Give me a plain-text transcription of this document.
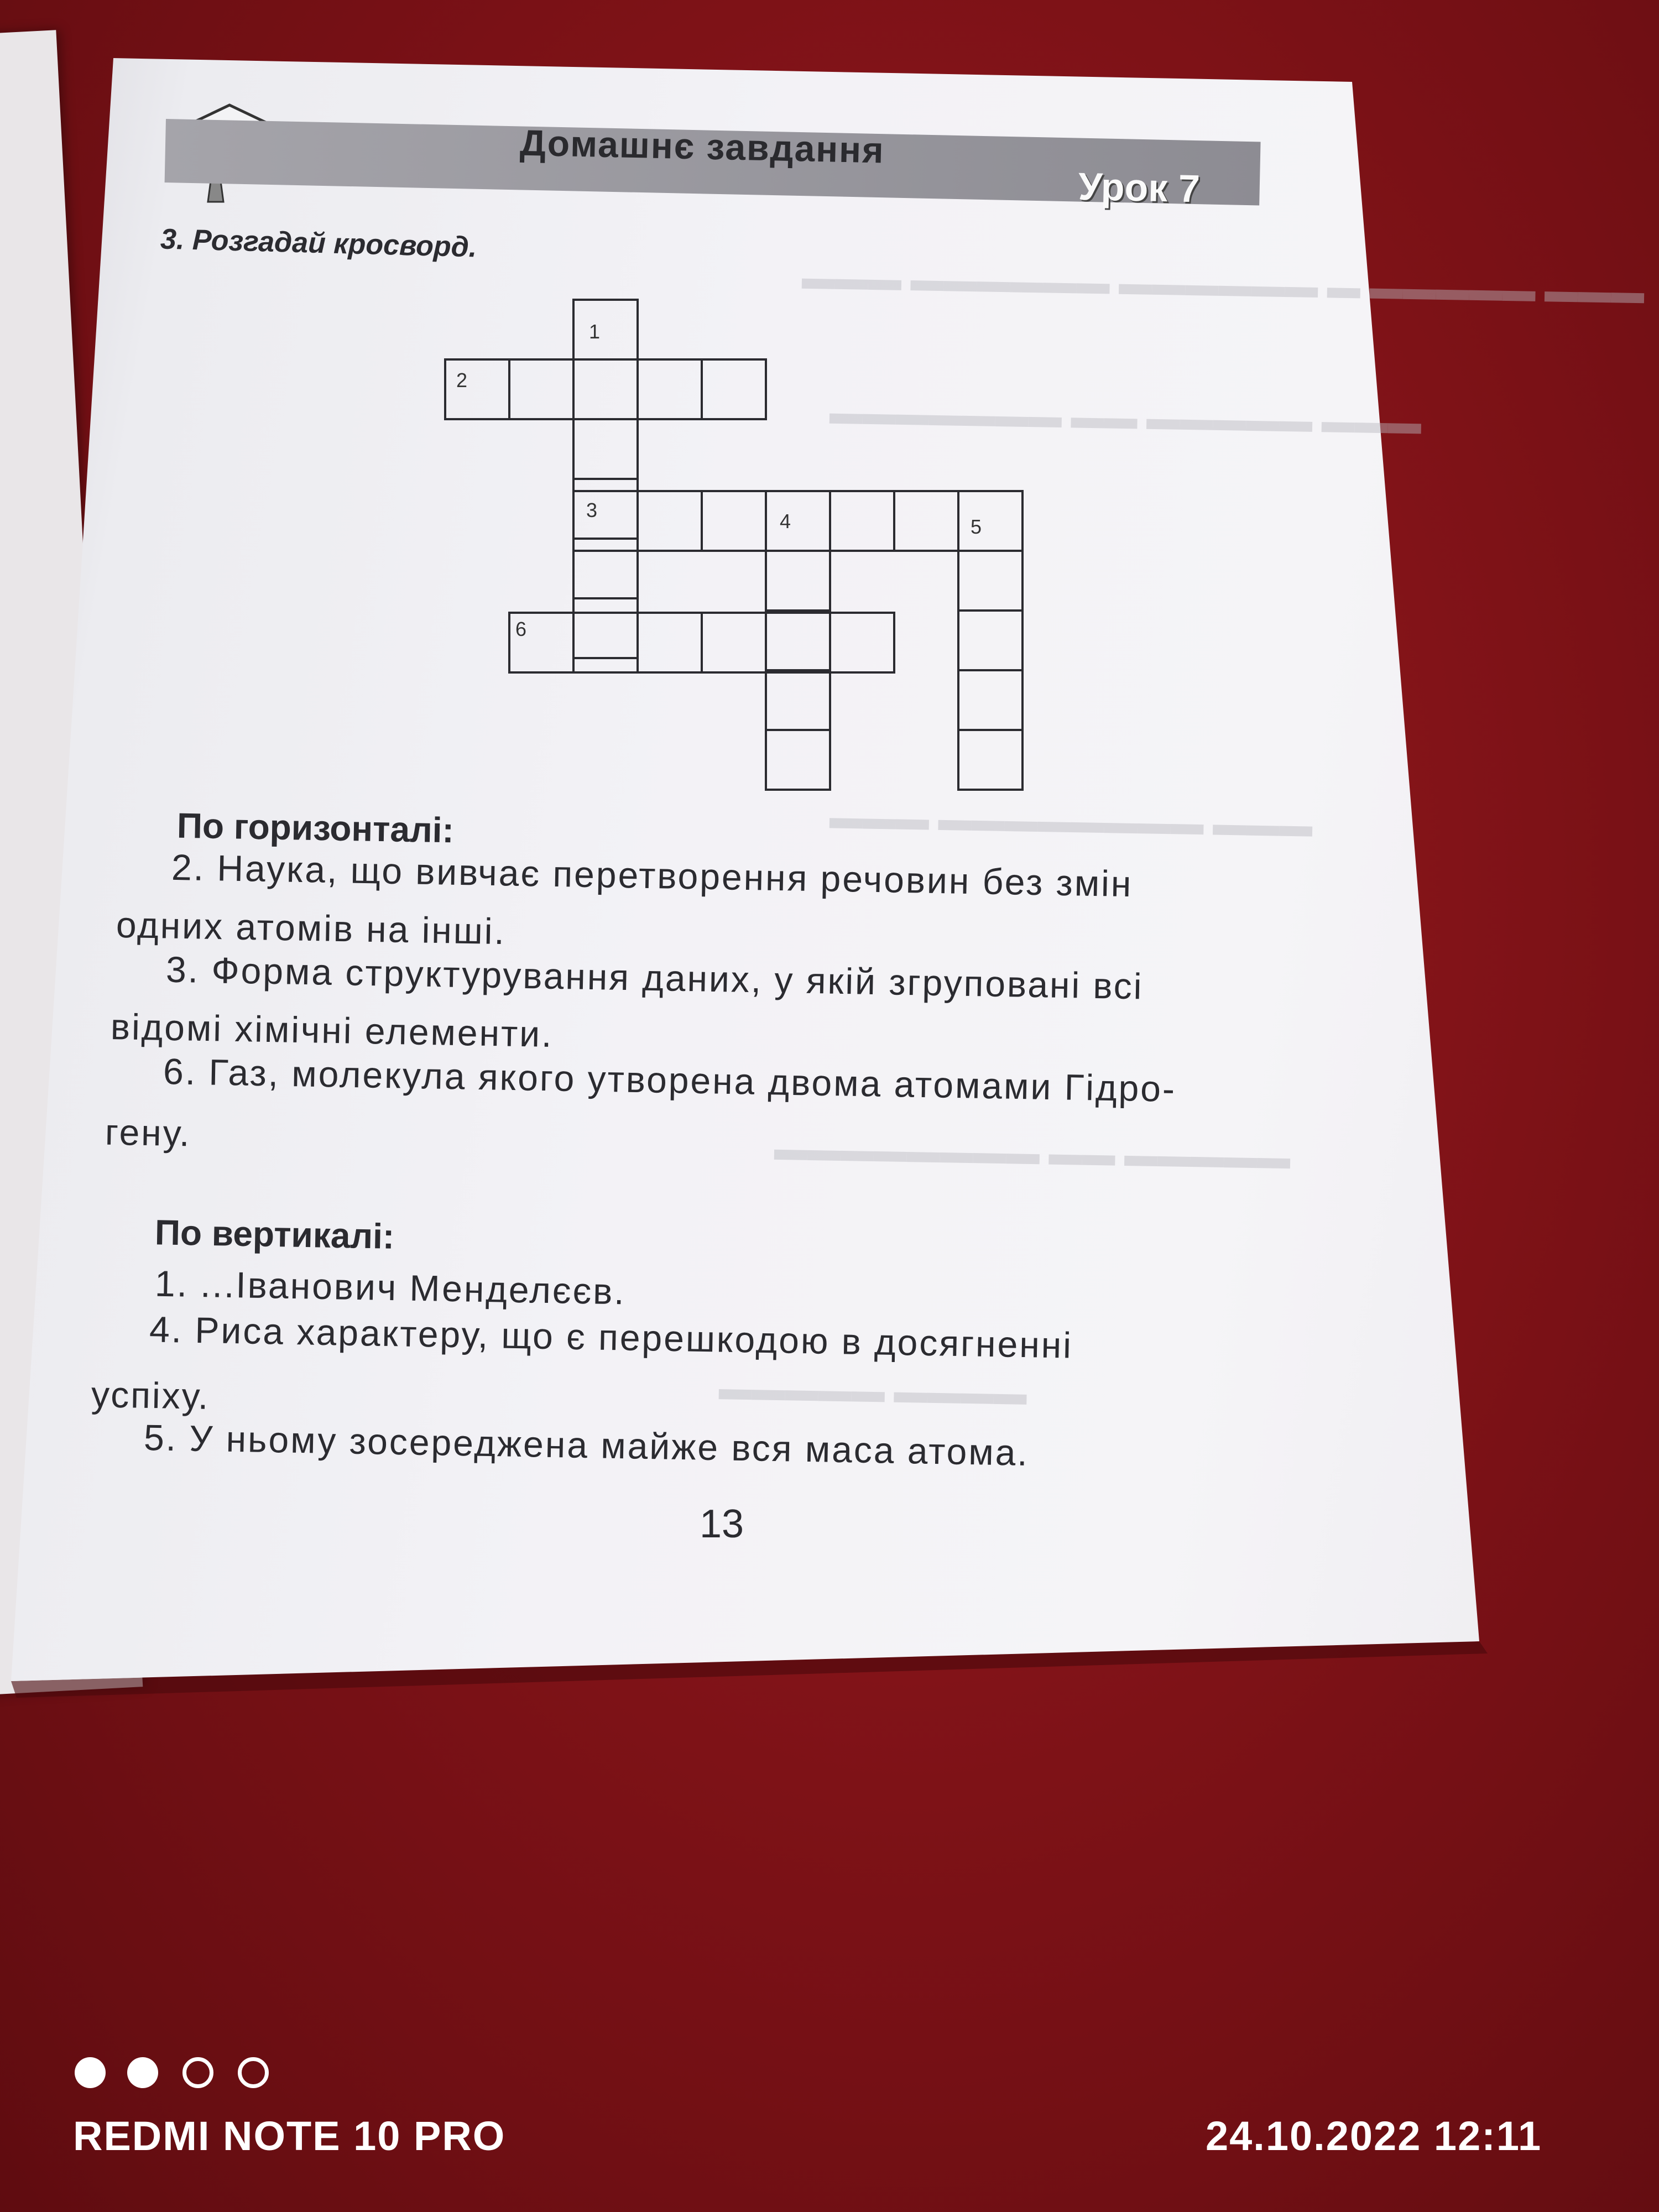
Домашнє завдання
Урок 7
▬▬▬ ▬▬▬▬▬ ▬ ▬▬▬▬▬▬ ▬▬▬▬▬▬ ▬▬▬
▬▬▬ ▬▬▬▬▬ ▬▬ ▬▬▬▬▬▬▬
▬▬▬ ▬▬▬▬▬▬▬▬ ▬▬▬
▬▬▬▬▬ ▬▬ ▬▬▬▬▬▬▬▬
▬▬▬▬ ▬▬▬▬▬
3. Розгадай кросворд.
1
2
3	4	5
6
По горизонталі:
2. Наука, що вивчає перетворення речовин без змін
одних атомів на інші.
3. Форма структурування даних, у якій згруповані всі
відомі хімічні елементи.
6. Газ, молекула якого утворена двома атомами Гідро-
гену.
По вертикалі:
1. ...Іванович Менделєєв.
4. Риса характеру, що є перешкодою в досягненні
успіху.
5. У ньому зосереджена майже вся маса атома.
13
REDMI NOTE 10 PRO	24.10.2022 12:11
